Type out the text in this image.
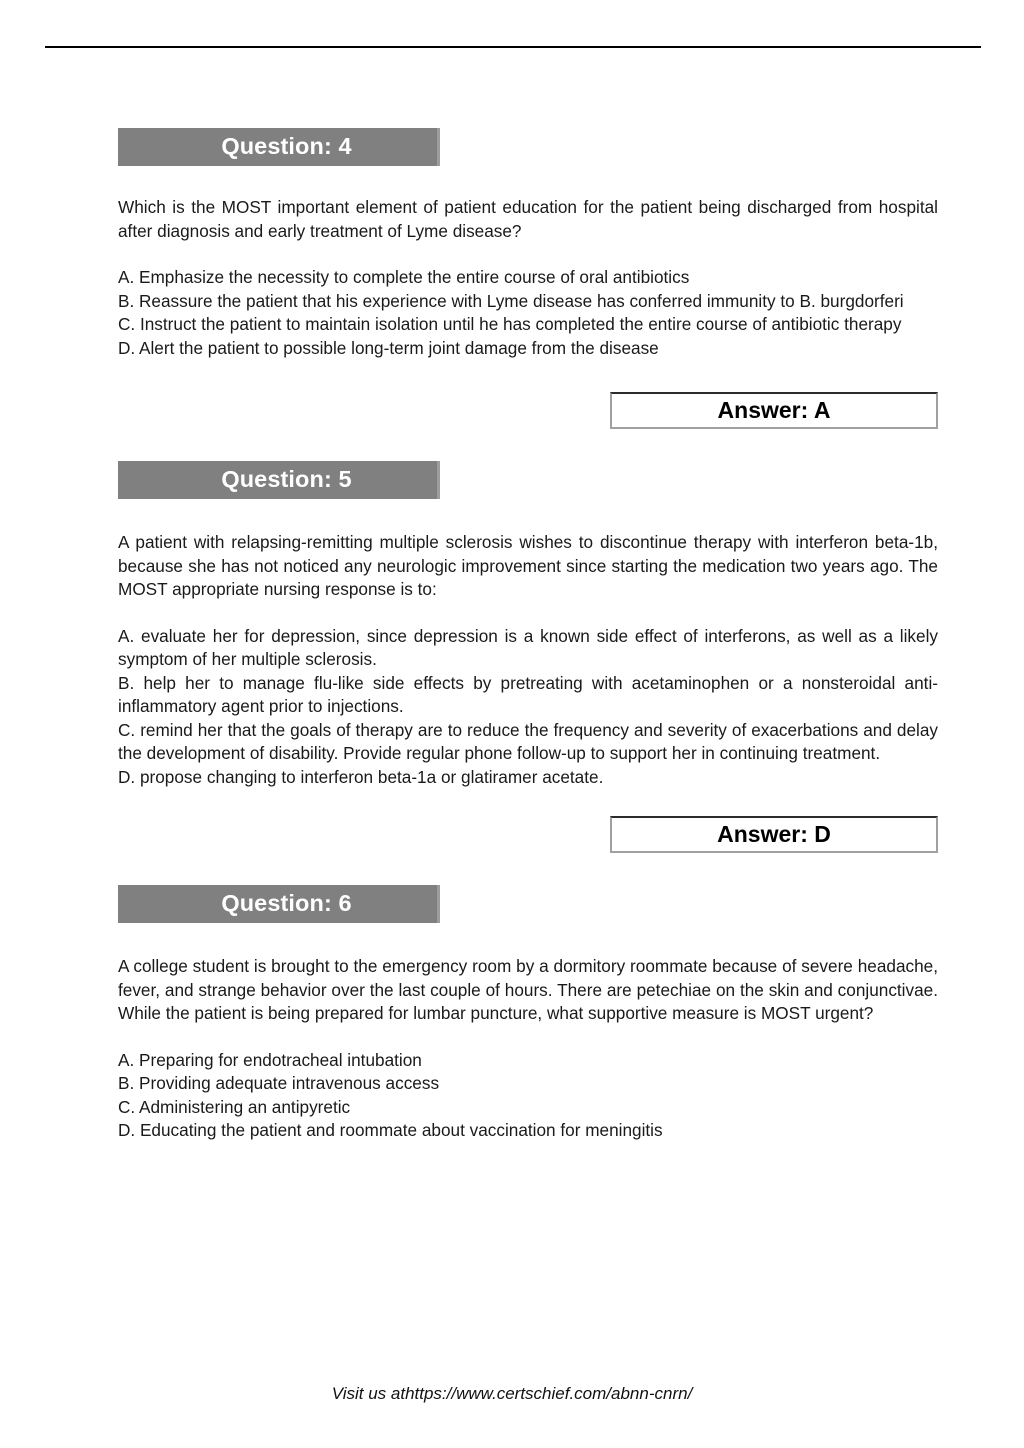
Question: 4

Which is the MOST important element of patient education for the patient being discharged from hospital after diagnosis and early treatment of Lyme disease?

A. Emphasize the necessity to complete the entire course of oral antibiotics

B. Reassure the patient that his experience with Lyme disease has conferred immunity to B. burgdorferi

C. Instruct the patient to maintain isolation until he has completed the entire course of antibiotic therapy

D. Alert the patient to possible long-term joint damage from the disease

Answer: A
Question: 5

A patient with relapsing-remitting multiple sclerosis wishes to discontinue therapy with interferon beta-1b, because she has not noticed any neurologic improvement since starting the medication two years ago. The MOST appropriate nursing response is to:

A. evaluate her for depression, since depression is a known side effect of interferons, as well as a likely symptom of her multiple sclerosis.

B. help her to manage flu-like side effects by pretreating with acetaminophen or a nonsteroidal anti-inflammatory agent prior to injections.

C. remind her that the goals of therapy are to reduce the frequency and severity of exacerbations and delay the development of disability. Provide regular phone follow-up to support her in continuing treatment.

D. propose changing to interferon beta-1a or glatiramer acetate.

Answer: D
Question: 6

A college student is brought to the emergency room by a dormitory roommate because of severe headache, fever, and strange behavior over the last couple of hours. There are petechiae on the skin and conjunctivae. While the patient is being prepared for lumbar puncture, what supportive measure is MOST urgent?

A. Preparing for endotracheal intubation

B. Providing adequate intravenous access

C. Administering an antipyretic

D. Educating the patient and roommate about vaccination for meningitis

Visit us athttps://www.certschief.com/abnn-cnrn/
